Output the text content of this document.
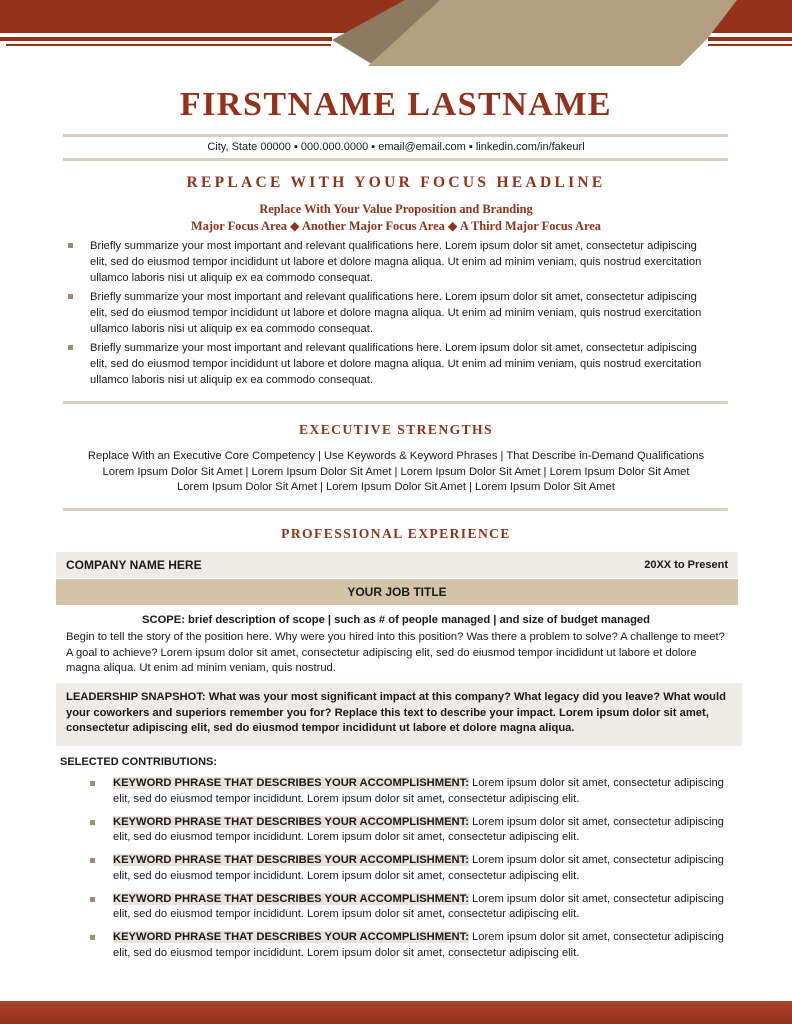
FIRSTNAME LASTNAME
City, State 00000 ▪ 000.000.0000 ▪ email@email.com ▪ linkedin.com/in/fakeurl
REPLACE WITH YOUR FOCUS HEADLINE
Replace With Your Value Proposition and Branding
Major Focus Area ◆ Another Major Focus Area ◆ A Third Major Focus Area
Briefly summarize your most important and relevant qualifications here. Lorem ipsum dolor sit amet, consectetur adipiscing elit, sed do eiusmod tempor incididunt ut labore et dolore magna aliqua. Ut enim ad minim veniam, quis nostrud exercitation ullamco laboris nisi ut aliquip ex ea commodo consequat.
Briefly summarize your most important and relevant qualifications here. Lorem ipsum dolor sit amet, consectetur adipiscing elit, sed do eiusmod tempor incididunt ut labore et dolore magna aliqua. Ut enim ad minim veniam, quis nostrud exercitation ullamco laboris nisi ut aliquip ex ea commodo consequat.
Briefly summarize your most important and relevant qualifications here. Lorem ipsum dolor sit amet, consectetur adipiscing elit, sed do eiusmod tempor incididunt ut labore et dolore magna aliqua. Ut enim ad minim veniam, quis nostrud exercitation ullamco laboris nisi ut aliquip ex ea commodo consequat.
EXECUTIVE STRENGTHS
Replace With an Executive Core Competency | Use Keywords & Keyword Phrases | That Describe in-Demand Qualifications
Lorem Ipsum Dolor Sit Amet | Lorem Ipsum Dolor Sit Amet | Lorem Ipsum Dolor Sit Amet | Lorem Ipsum Dolor Sit Amet
Lorem Ipsum Dolor Sit Amet | Lorem Ipsum Dolor Sit Amet | Lorem Ipsum Dolor Sit Amet
PROFESSIONAL EXPERIENCE
COMPANY NAME HERE	20XX to Present
YOUR JOB TITLE
SCOPE: brief description of scope | such as # of people managed | and size of budget managed
Begin to tell the story of the position here. Why were you hired into this position? Was there a problem to solve? A challenge to meet? A goal to achieve? Lorem ipsum dolor sit amet, consectetur adipiscing elit, sed do eiusmod tempor incididunt ut labore et dolore magna aliqua. Ut enim ad minim veniam, quis nostrud.
LEADERSHIP SNAPSHOT: What was your most significant impact at this company? What legacy did you leave? What would your coworkers and superiors remember you for? Replace this text to describe your impact. Lorem ipsum dolor sit amet, consectetur adipiscing elit, sed do eiusmod tempor incididunt ut labore et dolore magna aliqua.
SELECTED CONTRIBUTIONS:
KEYWORD PHRASE THAT DESCRIBES YOUR ACCOMPLISHMENT: Lorem ipsum dolor sit amet, consectetur adipiscing elit, sed do eiusmod tempor incididunt. Lorem ipsum dolor sit amet, consectetur adipiscing elit.
KEYWORD PHRASE THAT DESCRIBES YOUR ACCOMPLISHMENT: Lorem ipsum dolor sit amet, consectetur adipiscing elit, sed do eiusmod tempor incididunt. Lorem ipsum dolor sit amet, consectetur adipiscing elit.
KEYWORD PHRASE THAT DESCRIBES YOUR ACCOMPLISHMENT: Lorem ipsum dolor sit amet, consectetur adipiscing elit, sed do eiusmod tempor incididunt. Lorem ipsum dolor sit amet, consectetur adipiscing elit.
KEYWORD PHRASE THAT DESCRIBES YOUR ACCOMPLISHMENT: Lorem ipsum dolor sit amet, consectetur adipiscing elit, sed do eiusmod tempor incididunt. Lorem ipsum dolor sit amet, consectetur adipiscing elit.
KEYWORD PHRASE THAT DESCRIBES YOUR ACCOMPLISHMENT: Lorem ipsum dolor sit amet, consectetur adipiscing elit, sed do eiusmod tempor incididunt. Lorem ipsum dolor sit amet, consectetur adipiscing elit.
